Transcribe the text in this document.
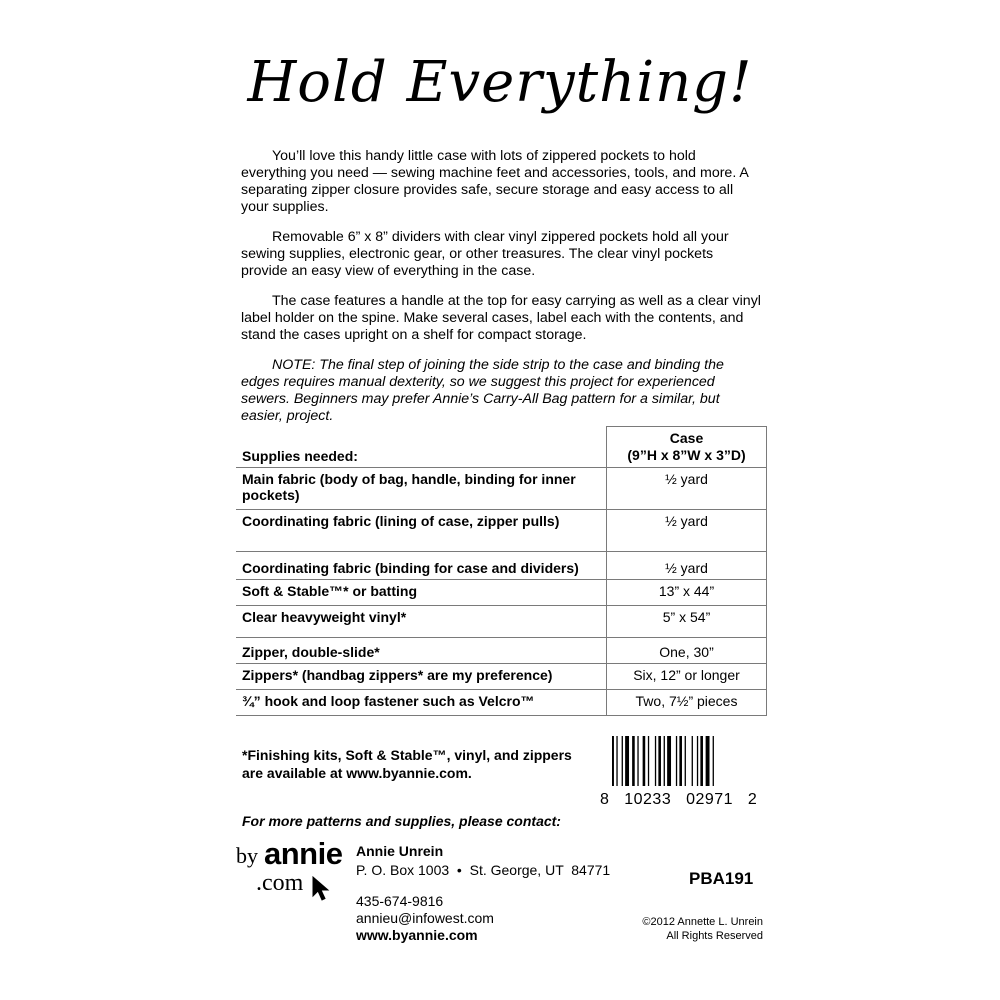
Hold Everything!

You’ll love this handy little case with lots of zippered pockets to hold everything you need — sewing machine feet and accessories, tools, and more. A separating zipper closure provides safe, secure storage and easy access to all your supplies.

Removable 6” x 8” dividers with clear vinyl zippered pockets hold all your sewing supplies, electronic gear, or other treasures. The clear vinyl pockets provide an easy view of everything in the case.

The case features a handle at the top for easy carrying as well as a clear vinyl label holder on the spine. Make several cases, label each with the contents, and stand the cases upright on a shelf for compact storage.

NOTE: The final step of joining the side strip to the case and binding the edges requires manual dexterity, so we suggest this project for experienced sewers. Beginners may prefer Annie’s Carry-All Bag pattern for a similar, but easier, project.

Supplies needed:	Case
(9”H x 8”W x 3”D)

Main fabric (body of bag, handle, binding for inner pockets)	½ yard
Coordinating fabric (lining of case, zipper pulls)	½ yard
Coordinating fabric (binding for case and dividers)	½ yard
Soft & Stable™* or batting	13” x 44”
Clear heavyweight vinyl*	5” x 54”
Zipper, double-slide*	One, 30”
Zippers* (handbag zippers* are my preference)	Six, 12” or longer
¾” hook and loop fastener such as Velcro™	Two, 7½” pieces
*Finishing kits, Soft & Stable™, vinyl, and zippers are available at www.byannie.com.
8   10233   02971   2
For more patterns and supplies, please contact:
by annie
.com
Annie Unrein
P. O. Box 1003  •  St. George, UT  84771
435-674-9816
annieu@infowest.com
www.byannie.com
PBA191
©2012 Annette L. Unrein
All Rights Reserved
